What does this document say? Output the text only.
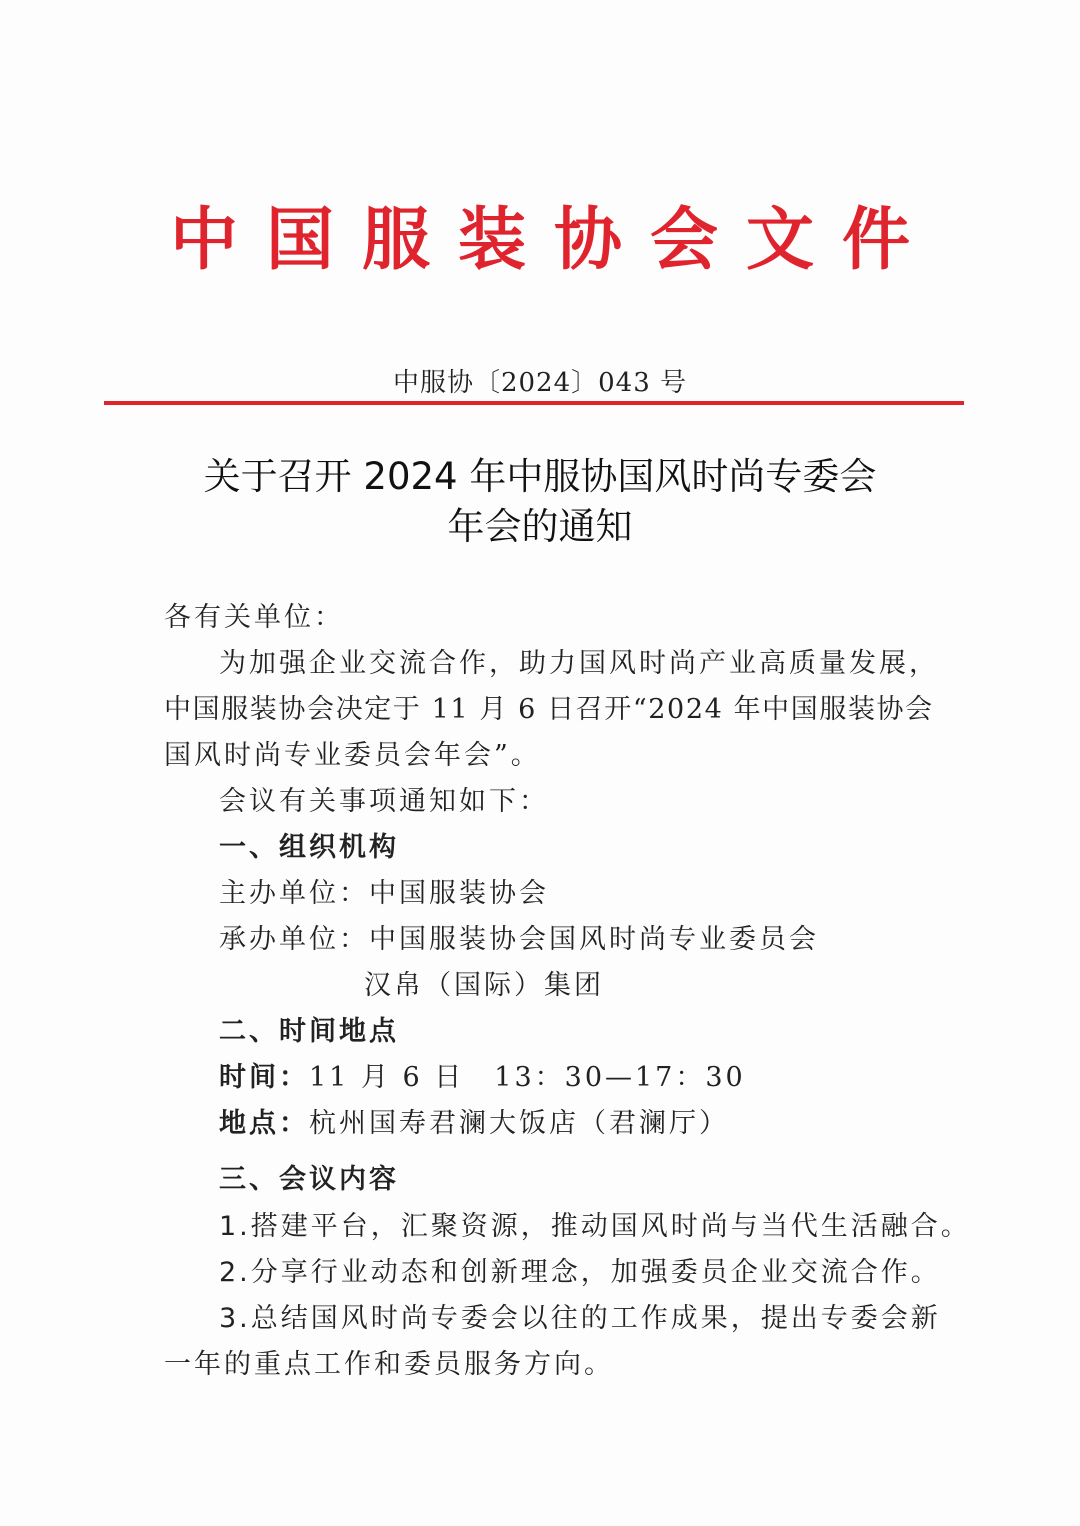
中国服装协会文件
中服协〔2024〕043 号
关于召开 2024 年中服协国风时尚专委会
年会的通知
各有关单位：
为加强企业交流合作，助力国风时尚产业高质量发展，
中国服装协会决定于 11 月 6 日召开“2024 年中国服装协会
国风时尚专业委员会年会”。
会议有关事项通知如下：
一、组织机构
主办单位：中国服装协会
承办单位：中国服装协会国风时尚专业委员会
汉帛（国际）集团
二、时间地点
时间：11 月 6 日　13：30—17：30
地点：杭州国寿君澜大饭店（君澜厅）
三、会议内容
1.搭建平台，汇聚资源，推动国风时尚与当代生活融合。
2.分享行业动态和创新理念，加强委员企业交流合作。
3.总结国风时尚专委会以往的工作成果，提出专委会新
一年的重点工作和委员服务方向。
